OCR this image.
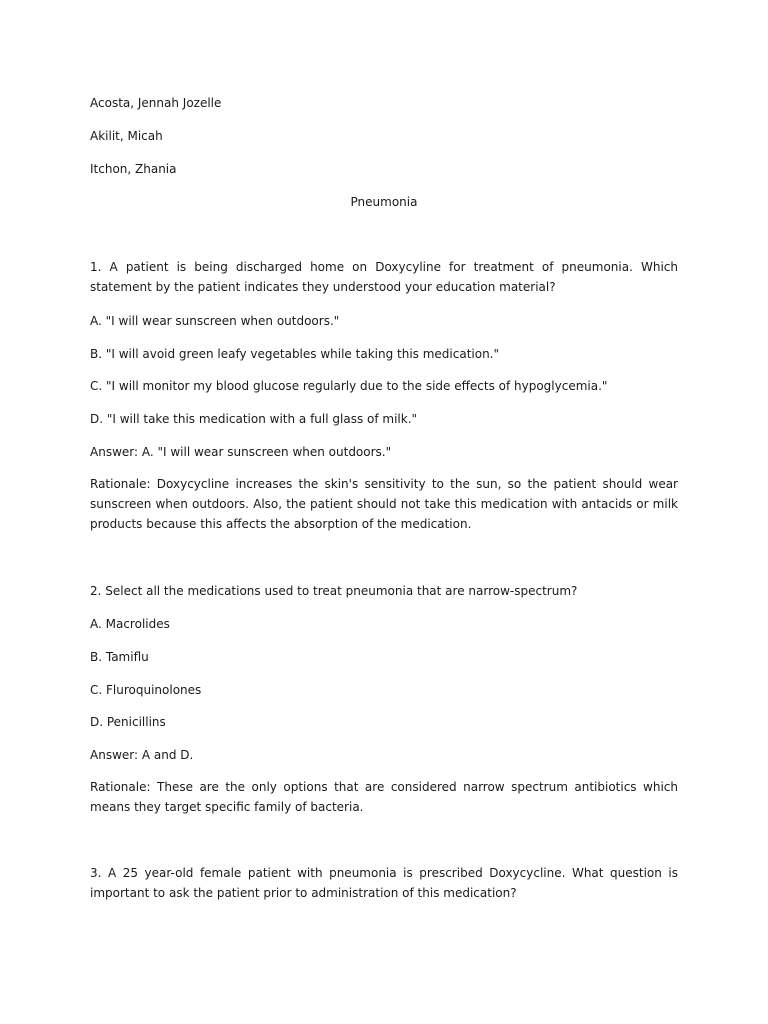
Acosta, Jennah Jozelle
Akilit, Micah
Itchon, Zhania
Pneumonia
1. A patient is being discharged home on Doxycyline for treatment of pneumonia. Which statement by the patient indicates they understood your education material?
A. "I will wear sunscreen when outdoors."
B. "I will avoid green leafy vegetables while taking this medication."
C. "I will monitor my blood glucose regularly due to the side effects of hypoglycemia."
D. "I will take this medication with a full glass of milk."
Answer: A. "I will wear sunscreen when outdoors."
Rationale: Doxycycline increases the skin's sensitivity to the sun, so the patient should wear sunscreen when outdoors. Also, the patient should not take this medication with antacids or milk products because this affects the absorption of the medication.
2. Select all the medications used to treat pneumonia that are narrow-spectrum?
A. Macrolides
B. Tamiflu
C. Fluroquinolones
D. Penicillins
Answer: A and D.
Rationale: These are the only options that are considered narrow spectrum antibiotics which means they target specific family of bacteria.
3. A 25 year-old female patient with pneumonia is prescribed Doxycycline. What question is important to ask the patient prior to administration of this medication?
